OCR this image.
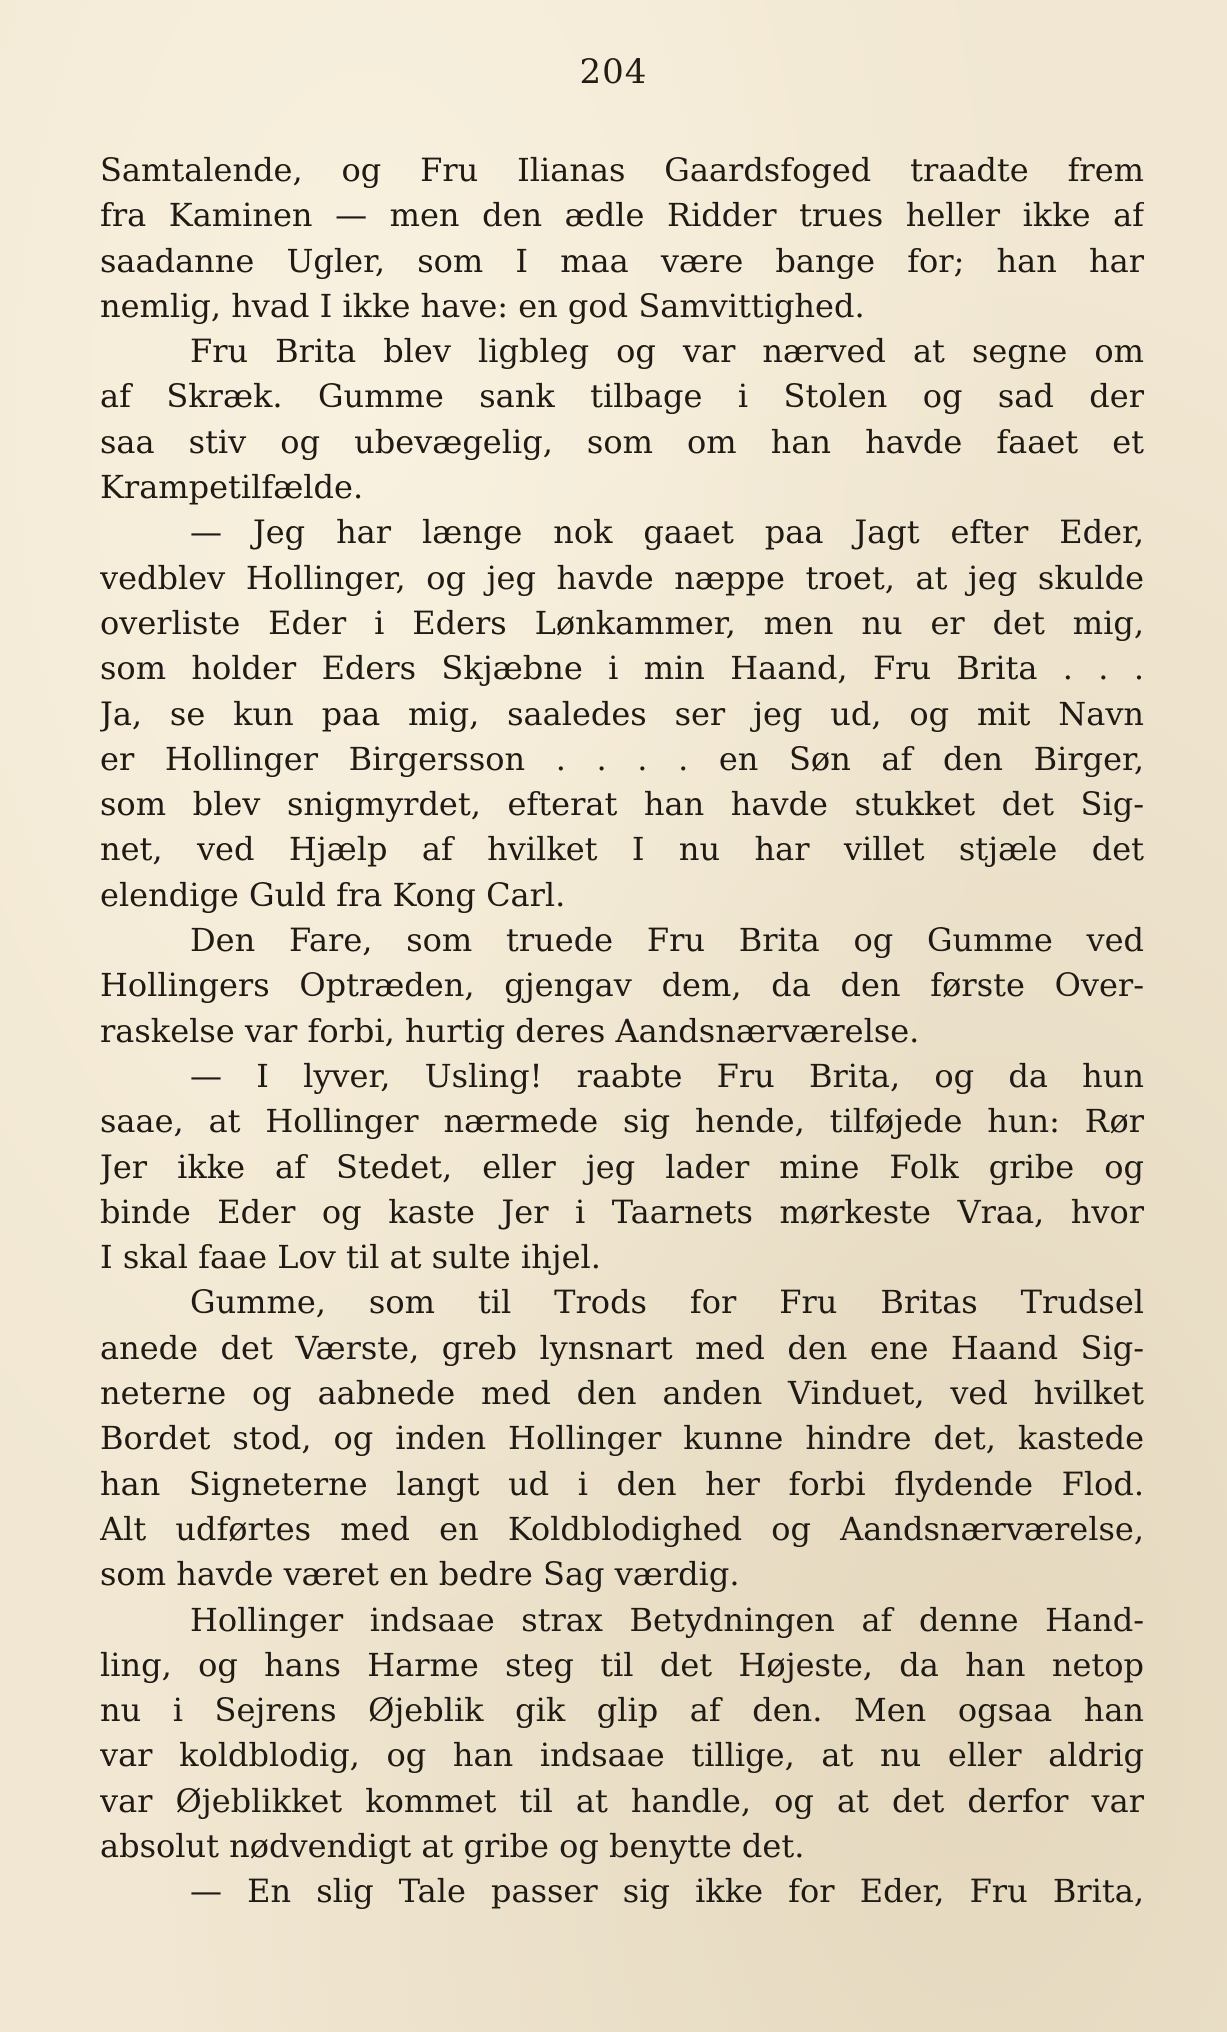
204
Samtalende, og Fru Ilianas Gaardsfoged traadte frem
fra Kaminen — men den ædle Ridder trues heller ikke af
saadanne Ugler, som I maa være bange for; han har
nemlig, hvad I ikke have: en god Samvittighed.
Fru Brita blev ligbleg og var nærved at segne om
af Skræk. Gumme sank tilbage i Stolen og sad der
saa stiv og ubevægelig, som om han havde faaet et
Krampetilfælde.
— Jeg har længe nok gaaet paa Jagt efter Eder,
vedblev Hollinger, og jeg havde næppe troet, at jeg skulde
overliste Eder i Eders Lønkammer, men nu er det mig,
som holder Eders Skjæbne i min Haand, Fru Brita . . .
Ja, se kun paa mig, saaledes ser jeg ud, og mit Navn
er Hollinger Birgersson . . . . en Søn af den Birger,
som blev snigmyrdet, efterat han havde stukket det Sig-
net, ved Hjælp af hvilket I nu har villet stjæle det
elendige Guld fra Kong Carl.
Den Fare, som truede Fru Brita og Gumme ved
Hollingers Optræden, gjengav dem, da den første Over-
raskelse var forbi, hurtig deres Aandsnærværelse.
— I lyver, Usling! raabte Fru Brita, og da hun
saae, at Hollinger nærmede sig hende, tilføjede hun: Rør
Jer ikke af Stedet, eller jeg lader mine Folk gribe og
binde Eder og kaste Jer i Taarnets mørkeste Vraa, hvor
I skal faae Lov til at sulte ihjel.
Gumme, som til Trods for Fru Britas Trudsel
anede det Værste, greb lynsnart med den ene Haand Sig-
neterne og aabnede med den anden Vinduet, ved hvilket
Bordet stod, og inden Hollinger kunne hindre det, kastede
han Signeterne langt ud i den her forbi flydende Flod.
Alt udførtes med en Koldblodighed og Aandsnærværelse,
som havde været en bedre Sag værdig.
Hollinger indsaae strax Betydningen af denne Hand-
ling, og hans Harme steg til det Højeste, da han netop
nu i Sejrens Øjeblik gik glip af den. Men ogsaa han
var koldblodig, og han indsaae tillige, at nu eller aldrig
var Øjeblikket kommet til at handle, og at det derfor var
absolut nødvendigt at gribe og benytte det.
— En slig Tale passer sig ikke for Eder, Fru Brita,
